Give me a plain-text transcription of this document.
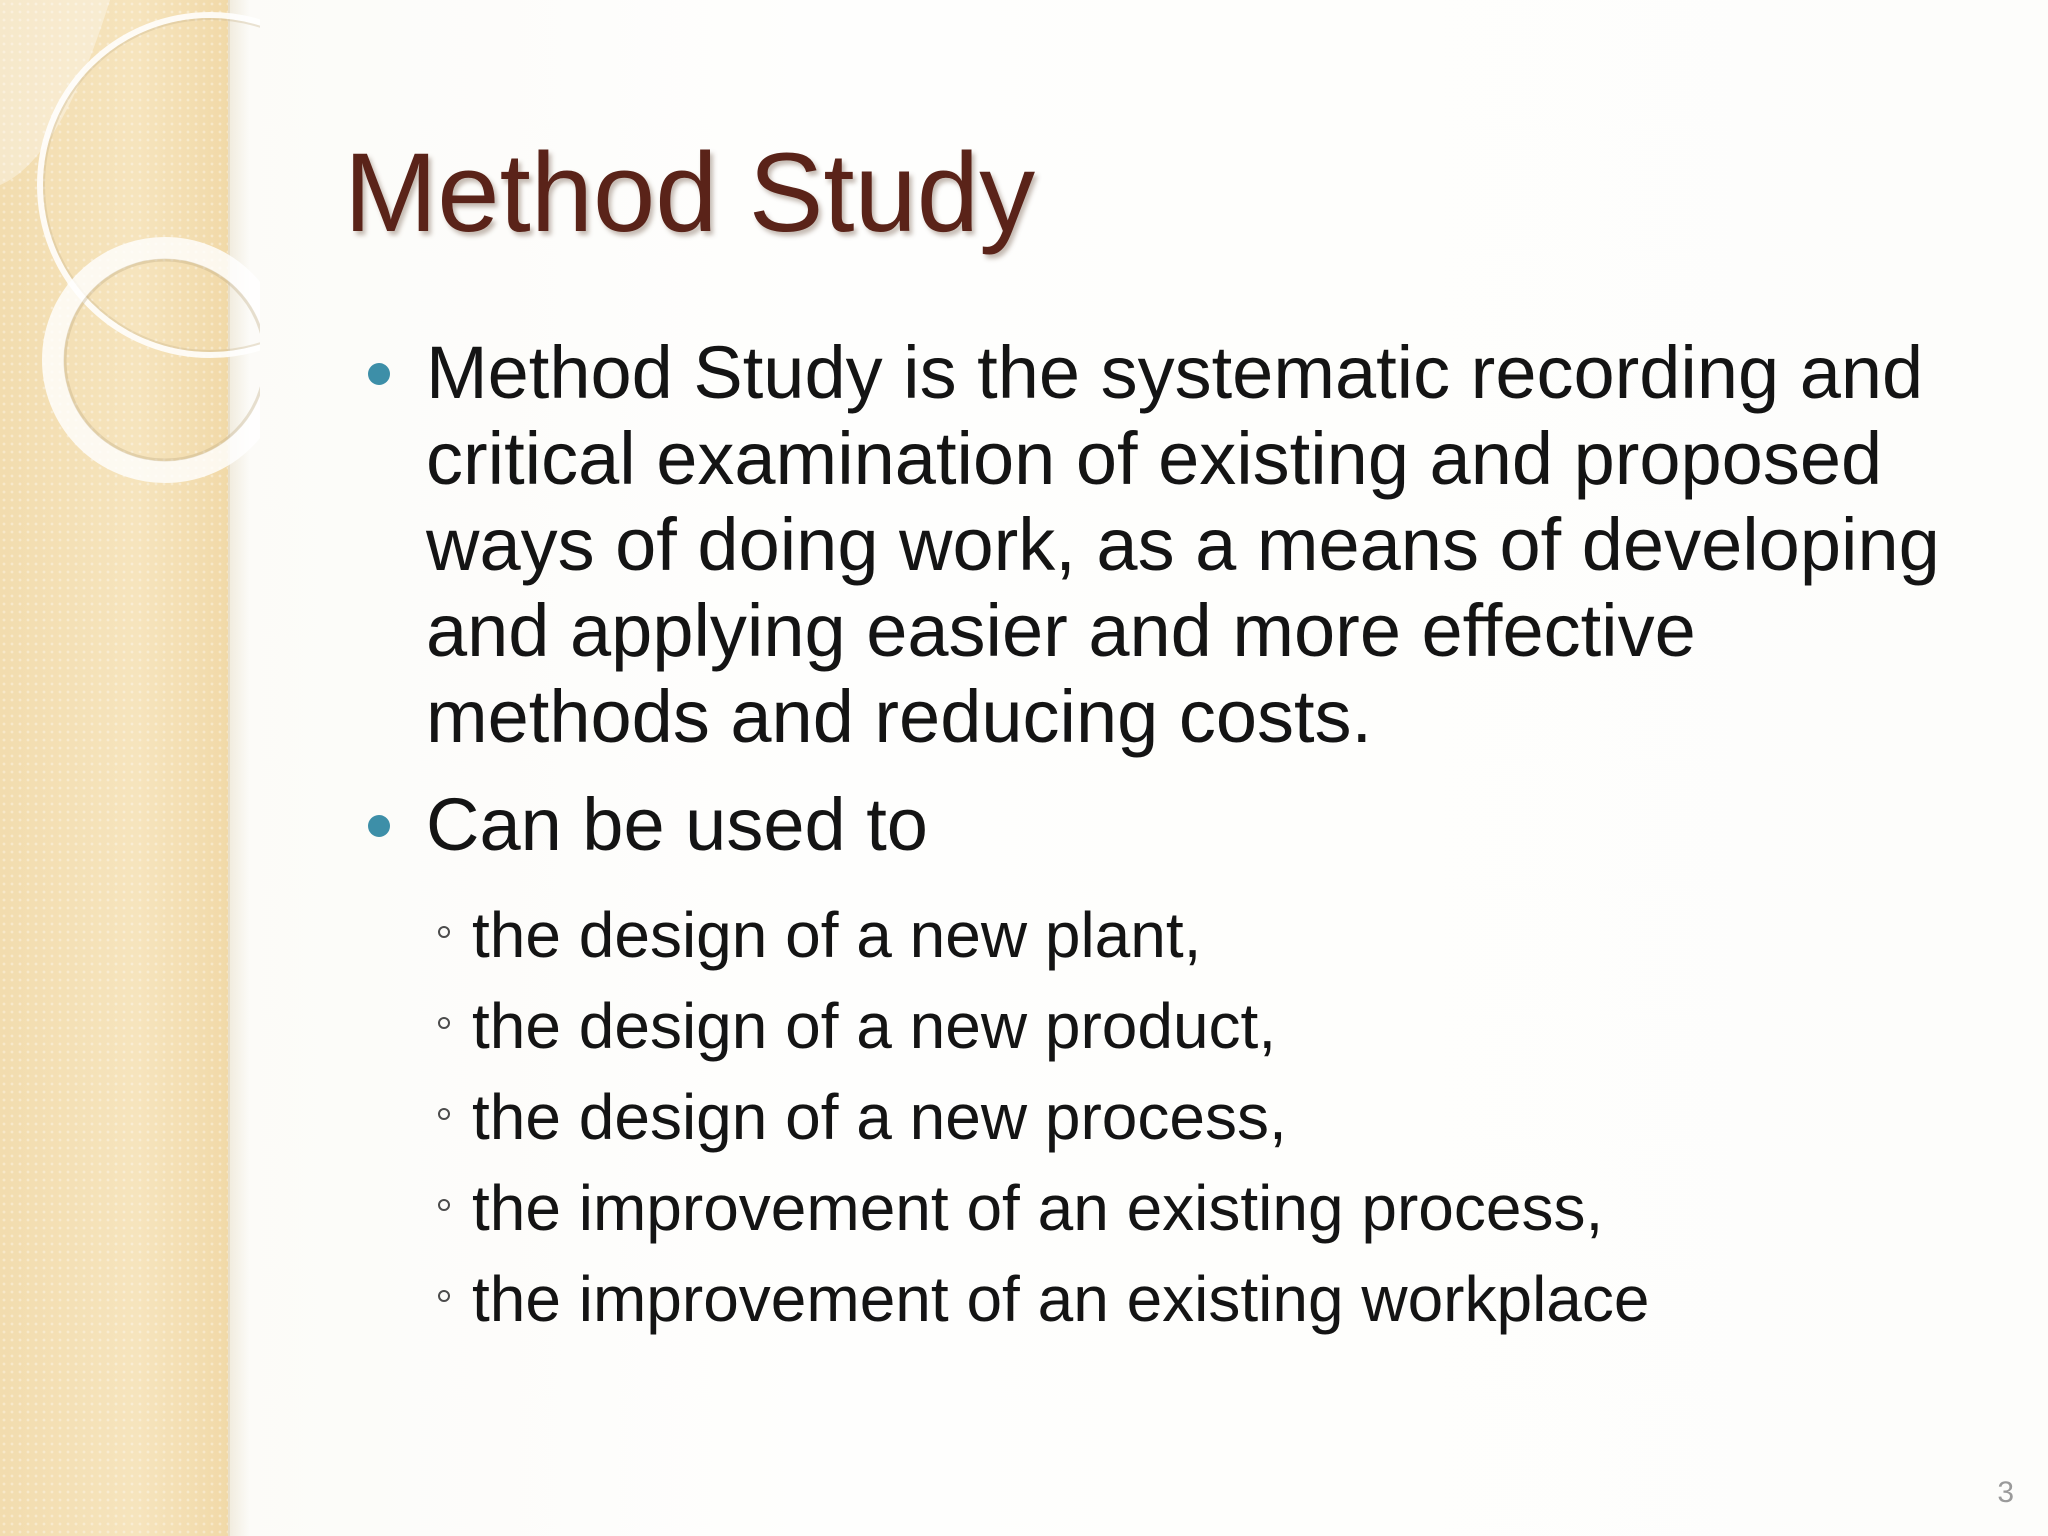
Method Study
Method Study is the systematic recording and critical examination of existing and proposed ways of doing work, as a means of developing and applying easier and more effective methods and reducing costs.
Can be used to
the design of a new plant,
the design of a new product,
the design of a new process,
the improvement of an existing process,
the improvement of an existing workplace
3
